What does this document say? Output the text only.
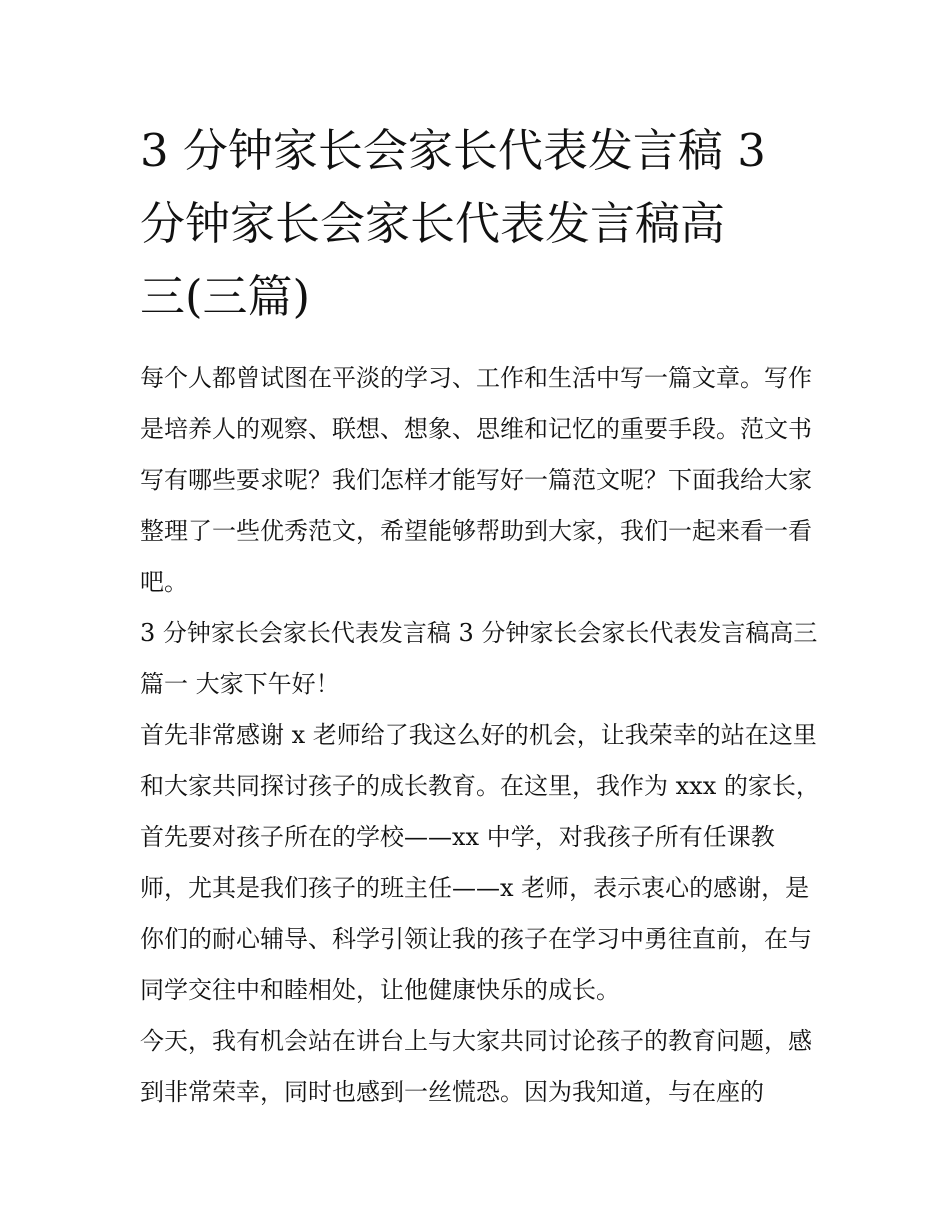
3 分钟家长会家长代表发言稿 3
分钟家长会家长代表发言稿高
三(三篇)

每个人都曾试图在平淡的学习、工作和生活中写一篇文章。写作是培养人的观察、联想、想象、思维和记忆的重要手段。范文书写有哪些要求呢？我们怎样才能写好一篇范文呢？下面我给大家整理了一些优秀范文，希望能够帮助到大家，我们一起来看一看吧。

3 分钟家长会家长代表发言稿 3 分钟家长会家长代表发言稿高三篇一 大家下午好！

首先非常感谢 x 老师给了我这么好的机会，让我荣幸的站在这里和大家共同探讨孩子的成长教育。在这里，我作为 xxx 的家长，首先要对孩子所在的学校——xx 中学，对我孩子所有任课教师，尤其是我们孩子的班主任——x 老师，表示衷心的感谢，是你们的耐心辅导、科学引领让我的孩子在学习中勇往直前，在与同学交往中和睦相处，让他健康快乐的成长。

今天，我有机会站在讲台上与大家共同讨论孩子的教育问题，感到非常荣幸，同时也感到一丝慌恐。因为我知道，与在座的
